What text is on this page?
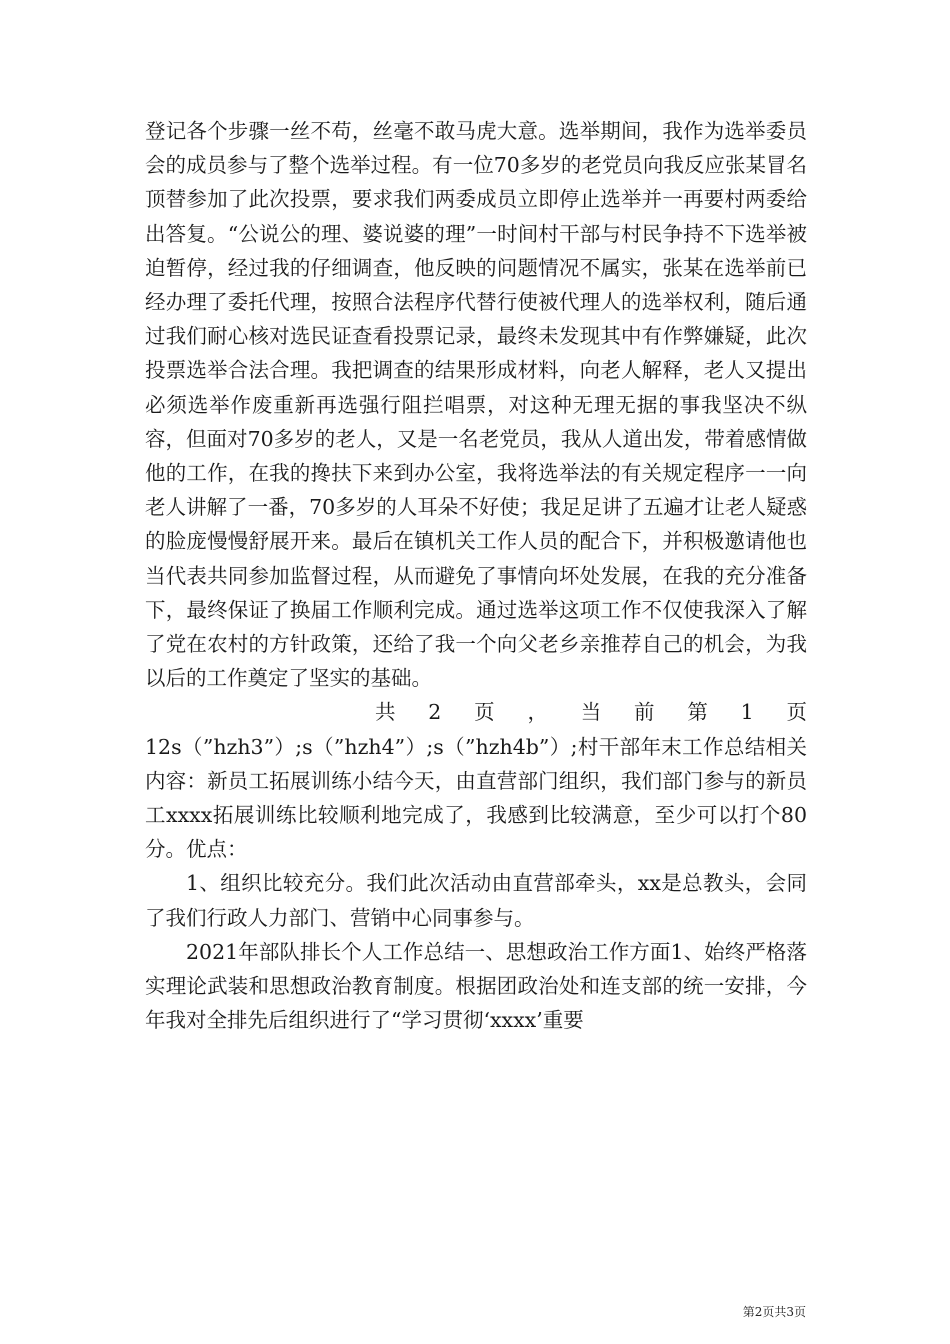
登记各个步骤一丝不苟，丝毫不敢马虎大意。选举期间，我作为选举委员会的成员参与了整个选举过程。有一位70多岁的老党员向我反应张某冒名顶替参加了此次投票，要求我们两委成员立即停止选举并一再要村两委给出答复。“公说公的理、婆说婆的理”一时间村干部与村民争持不下选举被迫暂停，经过我的仔细调查，他反映的问题情况不属实，张某在选举前已经办理了委托代理，按照合法程序代替行使被代理人的选举权利，随后通过我们耐心核对选民证查看投票记录，最终未发现其中有作弊嫌疑，此次投票选举合法合理。我把调查的结果形成材料，向老人解释，老人又提出必须选举作废重新再选强行阻拦唱票，对这种无理无据的事我坚决不纵容，但面对70多岁的老人，又是一名老党员，我从人道出发，带着感情做他的工作，在我的搀扶下来到办公室，我将选举法的有关规定程序一一向老人讲解了一番，70多岁的人耳朵不好使；我足足讲了五遍才让老人疑惑的脸庞慢慢舒展开来。最后在镇机关工作人员的配合下，并积极邀请他也当代表共同参加监督过程，从而避免了事情向坏处发展，在我的充分准备下，最终保证了换届工作顺利完成。通过选举这项工作不仅使我深入了解了党在农村的方针政策，还给了我一个向父老乡亲推荐自己的机会，为我以后的工作奠定了坚实的基础。

共 2 页 ， 当 前 第 1 页

12s（”hzh3”）;s（”hzh4”）;s（”hzh4b”）;村干部年末工作总结相关内容：新员工拓展训练小结今天，由直营部门组织，我们部门参与的新员工xxxx拓展训练比较顺利地完成了，我感到比较满意，至少可以打个80分。优点：

1、组织比较充分。我们此次活动由直营部牵头，xx是总教头，会同了我们行政人力部门、营销中心同事参与。

2021年部队排长个人工作总结一、思想政治工作方面1、始终严格落实理论武装和思想政治教育制度。根据团政治处和连支部的统一安排，今年我对全排先后组织进行了“学习贯彻‘xxxx’重要

第2页共3页
